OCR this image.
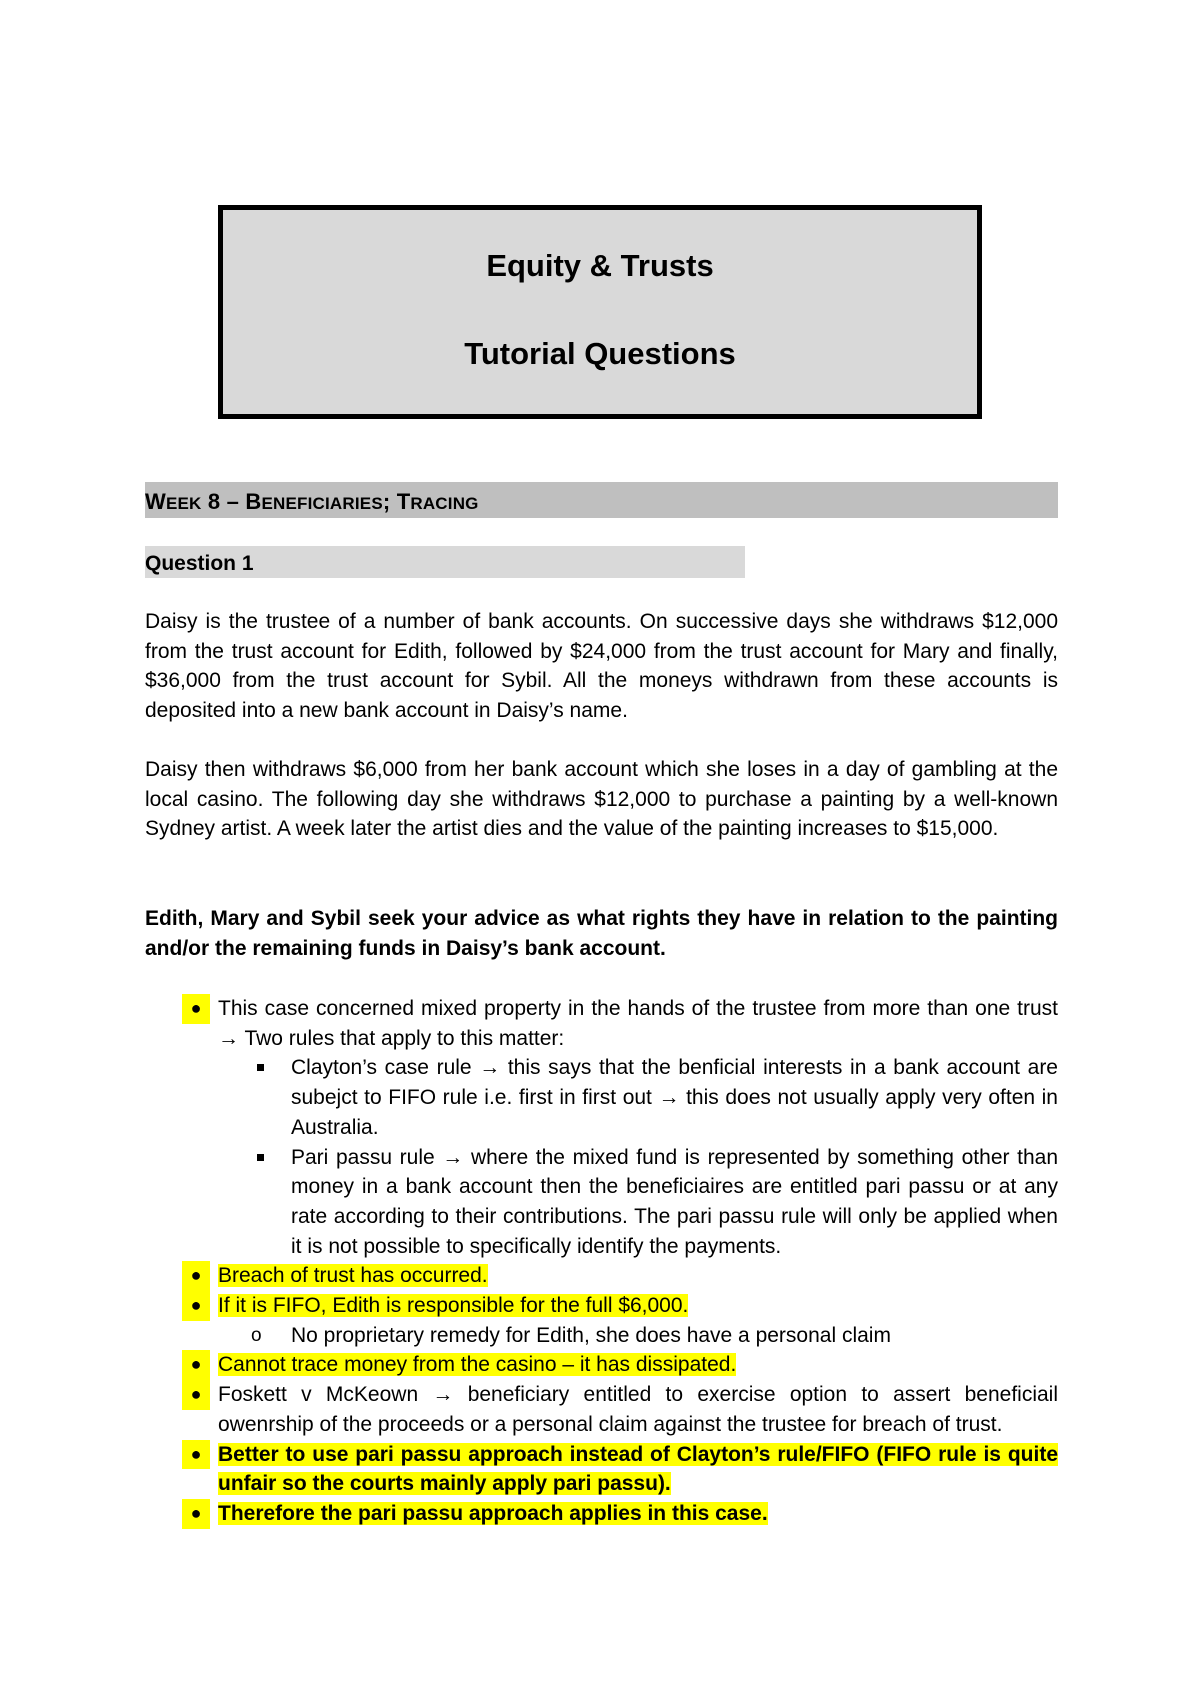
Equity & Trusts
Tutorial Questions
WEEK 8 – BENEFICIARIES; TRACING
Question 1
Daisy is the trustee of a number of bank accounts. On successive days she withdraws $12,000 from the trust account for Edith, followed by $24,000 from the trust account for Mary and finally, $36,000 from the trust account for Sybil. All the moneys withdrawn from these accounts is deposited into a new bank account in Daisy’s name.
Daisy then withdraws $6,000 from her bank account which she loses in a day of gambling at the local casino. The following day she withdraws $12,000 to purchase a painting by a well-known Sydney artist. A week later the artist dies and the value of the painting increases to $15,000.
Edith, Mary and Sybil seek your advice as what rights they have in relation to the painting and/or the remaining funds in Daisy’s bank account.
● This case concerned mixed property in the hands of the trustee from more than one trust → Two rules that apply to this matter:
Clayton’s case rule → this says that the benficial interests in a bank account are subejct to FIFO rule i.e. first in first out → this does not usually apply very often in Australia.
Pari passu rule → where the mixed fund is represented by something other than money in a bank account then the beneficiaires are entitled pari passu or at any rate according to their contributions. The pari passu rule will only be applied when it is not possible to specifically identify the payments.
● Breach of trust has occurred.
● If it is FIFO, Edith is responsible for the full $6,000.
o No proprietary remedy for Edith, she does have a personal claim
● Cannot trace money from the casino – it has dissipated.
● Foskett v McKeown → beneficiary entitled to exercise option to assert beneficiail owenrship of the proceeds or a personal claim against the trustee for breach of trust.
● Better to use pari passu approach instead of Clayton’s rule/FIFO (FIFO rule is quite unfair so the courts mainly apply pari passu).
● Therefore the pari passu approach applies in this case.
